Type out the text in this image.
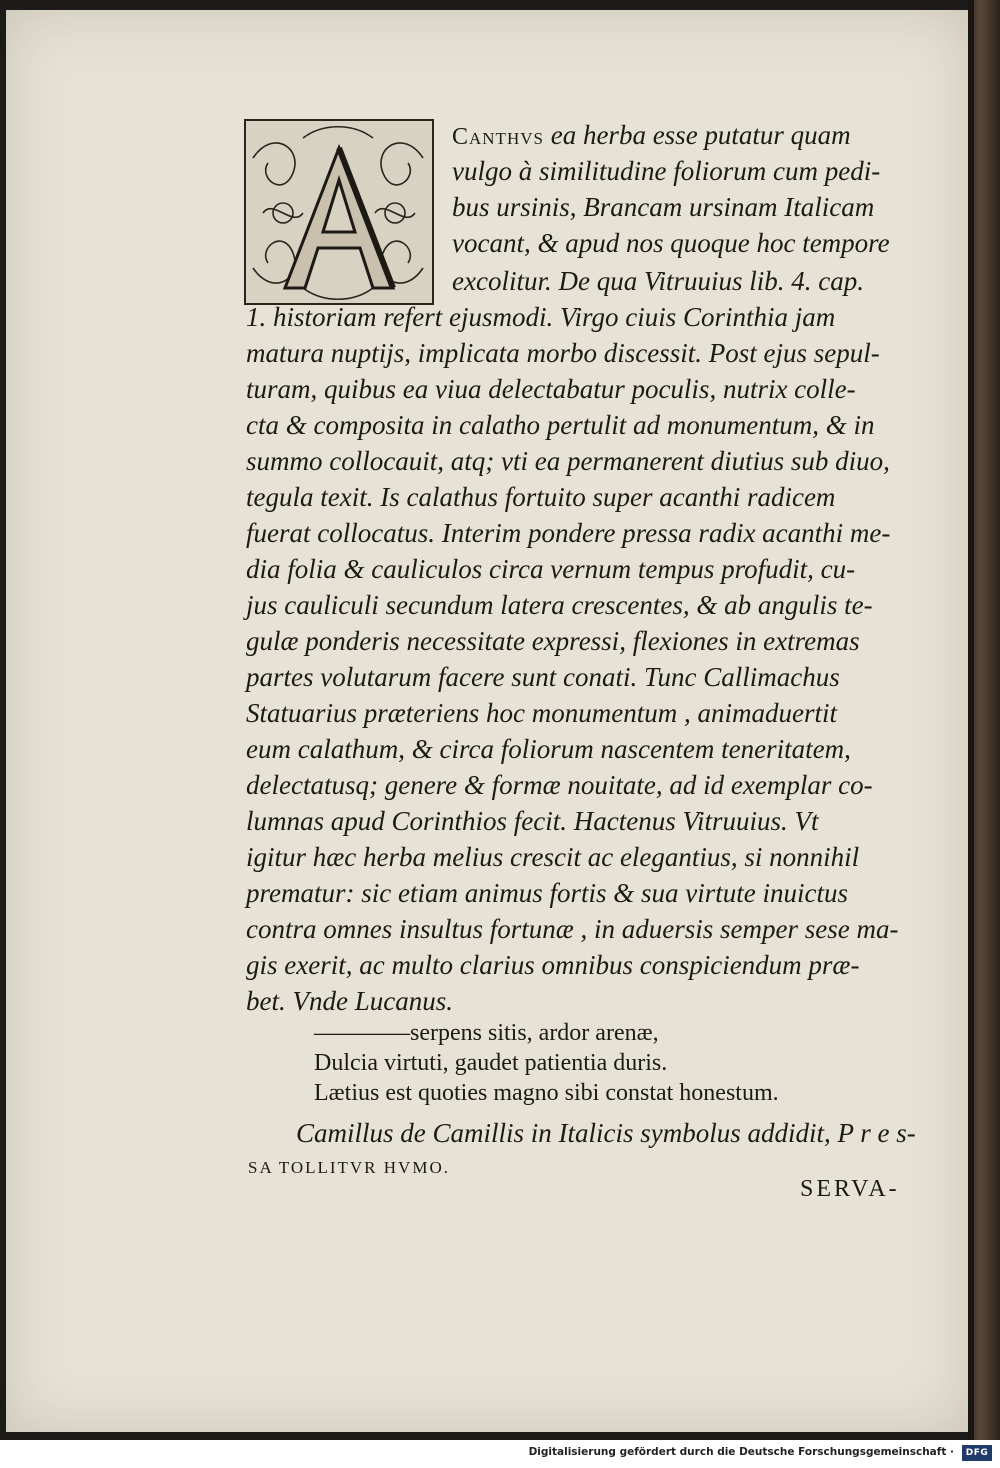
Canthvs ea herba esse putatur quam
vulgo à similitudine foliorum cum pedi-
bus ursinis, Brancam ursinam Italicam
vocant, & apud nos quoque hoc tempore
excolitur. De qua Vitruuius lib. 4. cap.
1. historiam refert ejusmodi. Virgo ciuis Corinthia jam
matura nuptijs, implicata morbo discessit. Post ejus sepul-
turam, quibus ea viua delectabatur poculis, nutrix colle-
cta & composita in calatho pertulit ad monumentum, & in
summo collocauit, atq; vti ea permanerent diutius sub diuo,
tegula texit. Is calathus fortuito super acanthi radicem
fuerat collocatus. Interim pondere pressa radix acanthi me-
dia folia & cauliculos circa vernum tempus profudit, cu-
jus cauliculi secundum latera crescentes, & ab angulis te-
gulæ ponderis necessitate expressi, flexiones in extremas
partes volutarum facere sunt conati. Tunc Callimachus
Statuarius præteriens hoc monumentum , animaduertit
eum calathum, & circa foliorum nascentem teneritatem,
delectatusq; genere & formæ nouitate, ad id exemplar co-
lumnas apud Corinthios fecit. Hactenus Vitruuius. Vt
igitur hæc herba melius crescit ac elegantius, si nonnihil
prematur: sic etiam animus fortis & sua virtute inuictus
contra omnes insultus fortunæ , in aduersis semper sese ma-
gis exerit, ac multo clarius omnibus conspiciendum præ-
bet. Vnde Lucanus.
————serpens sitis, ardor arenæ,
Dulcia virtuti, gaudet patientia duris.
Lætius est quoties magno sibi constat honestum.
Camillus de Camillis in Italicis symbolus addidit, P r e s-
SA TOLLITVR HVMO.
SERVA-
Digitalisierung gefördert durch die Deutsche Forschungsgemeinschaft ·	DFG
